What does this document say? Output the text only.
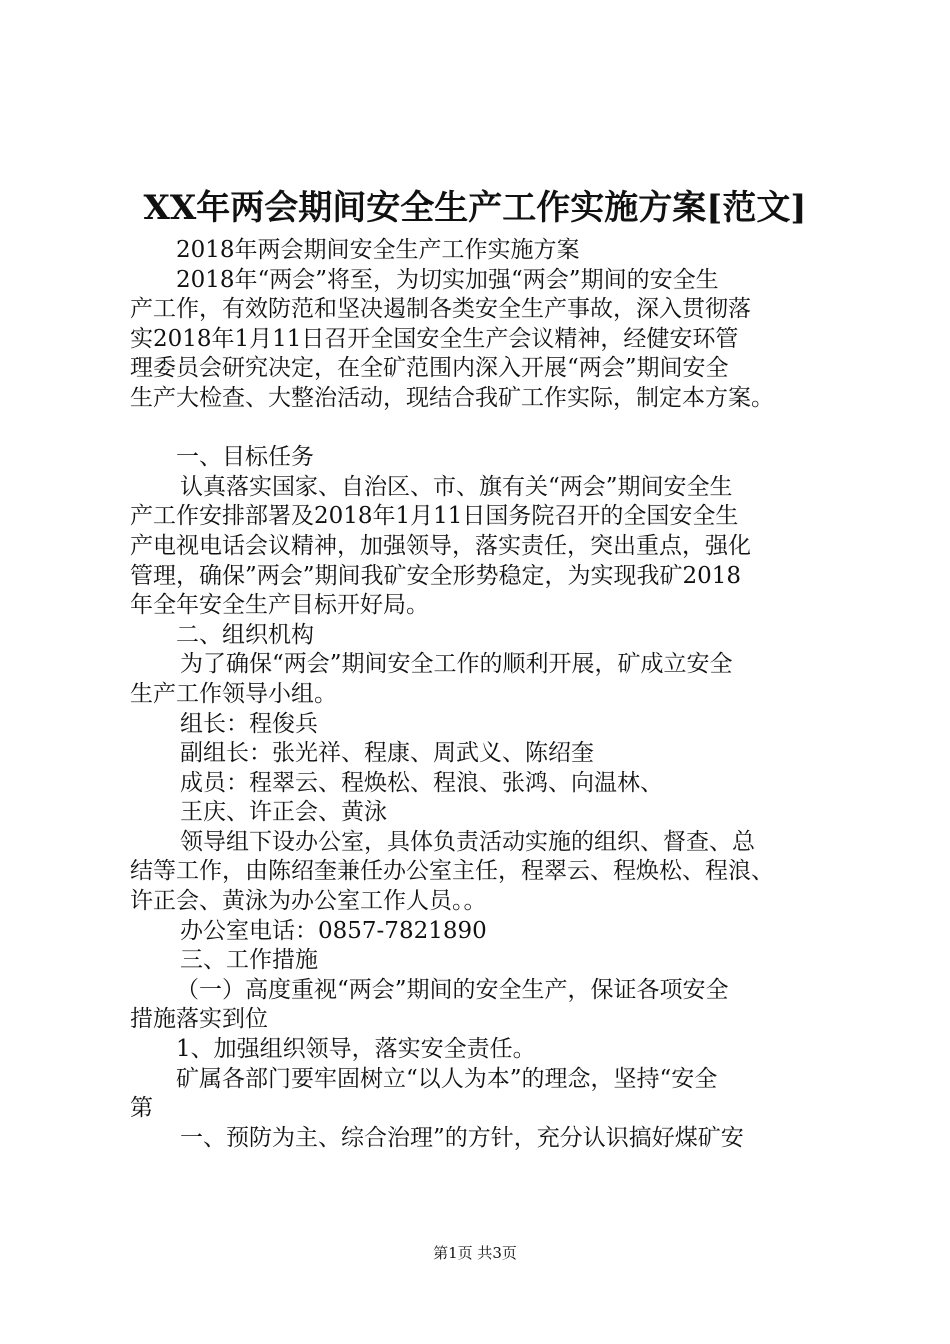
XX年两会期间安全生产工作实施方案[范文]
2018年两会期间安全生产工作实施方案
2018年“两会”将至，为切实加强“两会”期间的安全生
产工作，有效防范和坚决遏制各类安全生产事故，深入贯彻落
实2018年1月11日召开全国安全生产会议精神，经健安环管
理委员会研究决定，在全矿范围内深入开展“两会”期间安全
生产大检查、大整治活动，现结合我矿工作实际，制定本方案。
一、目标任务
认真落实国家、自治区、市、旗有关“两会”期间安全生
产工作安排部署及2018年1月11日国务院召开的全国安全生
产电视电话会议精神，加强领导，落实责任，突出重点，强化
管理，确保”两会”期间我矿安全形势稳定，为实现我矿2018
年全年安全生产目标开好局。
二、组织机构
为了确保“两会”期间安全工作的顺利开展，矿成立安全
生产工作领导小组。
组长：程俊兵
副组长：张光祥、程康、周武义、陈绍奎
成员：程翠云、程焕松、程浪、张鸿、向温林、
王庆、许正会、黄泳
领导组下设办公室，具体负责活动实施的组织、督查、总
结等工作，由陈绍奎兼任办公室主任，程翠云、程焕松、程浪、
许正会、黄泳为办公室工作人员。。
办公室电话：0857-7821890
三、工作措施
（一）高度重视“两会”期间的安全生产，保证各项安全
措施落实到位
1、加强组织领导，落实安全责任。
矿属各部门要牢固树立“以人为本”的理念，坚持“安全
第
一、预防为主、综合治理”的方针，充分认识搞好煤矿安
第1页 共3页
